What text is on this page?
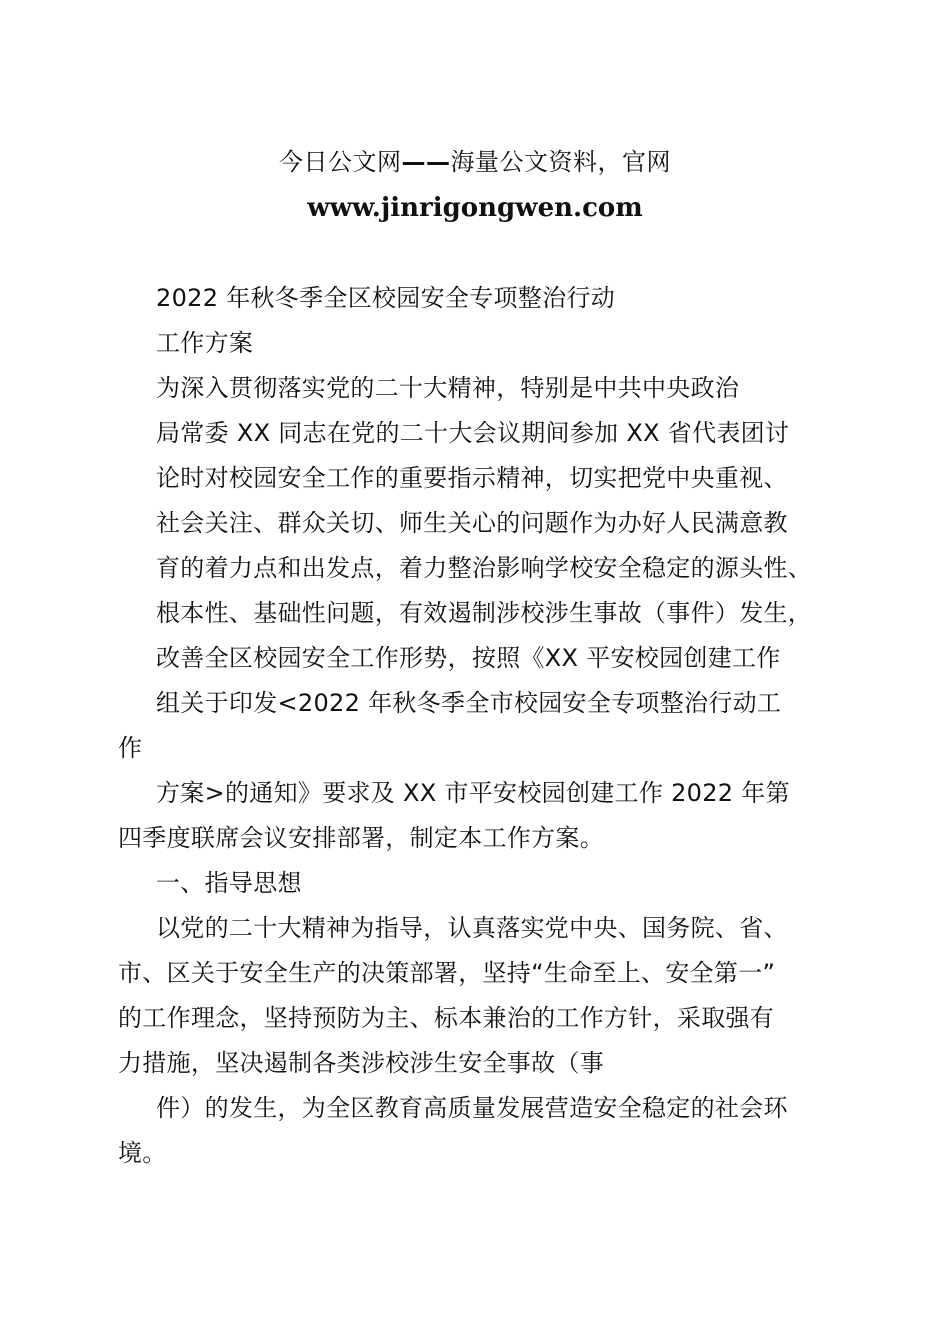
今日公文网——海量公文资料，官网
www.jinrigongwen.com
2022 年秋冬季全区校园安全专项整治行动
工作方案
为深入贯彻落实党的二十大精神，特别是中共中央政治
局常委 XX 同志在党的二十大会议期间参加 XX 省代表团讨
论时对校园安全工作的重要指示精神，切实把党中央重视、
社会关注、群众关切、师生关心的问题作为办好人民满意教
育的着力点和出发点，着力整治影响学校安全稳定的源头性、
根本性、基础性问题，有效遏制涉校涉生事故（事件）发生，
改善全区校园安全工作形势，按照《XX 平安校园创建工作
组关于印发<2022 年秋冬季全市校园安全专项整治行动工
作
方案>的通知》要求及 XX 市平安校园创建工作 2022 年第
四季度联席会议安排部署，制定本工作方案。
一、指导思想
以党的二十大精神为指导，认真落实党中央、国务院、省、
市、区关于安全生产的决策部署，坚持“生命至上、安全第一”
的工作理念，坚持预防为主、标本兼治的工作方针，采取强有
力措施，坚决遏制各类涉校涉生安全事故（事
件）的发生，为全区教育高质量发展营造安全稳定的社会环
境。
